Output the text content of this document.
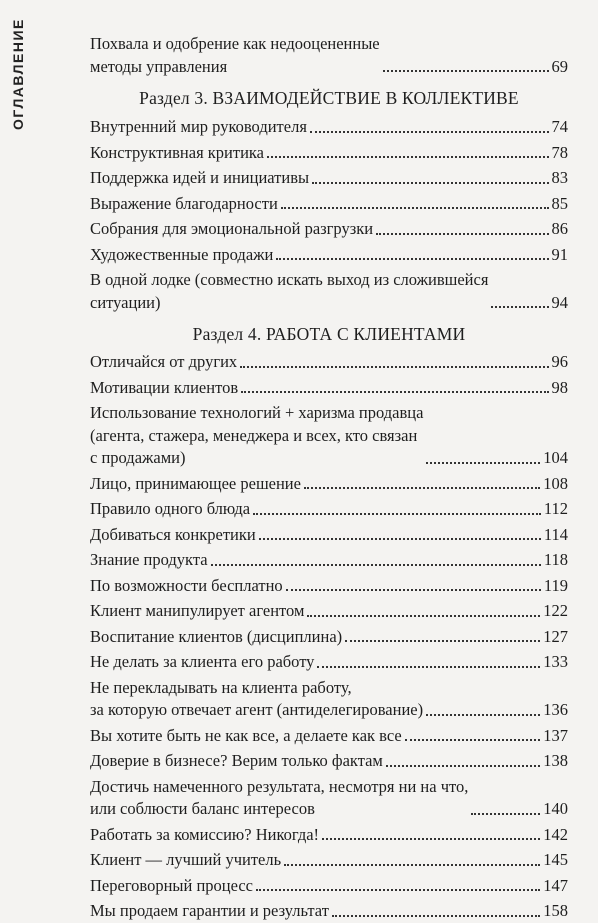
ОГЛАВЛЕНИЕ	Похвала и одобрение как недооцененные
методы управления	69
Раздел 3. ВЗАИМОДЕЙСТВИЕ В КОЛЛЕКТИВЕ
Внутренний мир руководителя	74
Конструктивная критика	78
Поддержка идей и инициативы	83
Выражение благодарности	85
Собрания для эмоциональной разгрузки	86
Художественные продажи	91
В одной лодке (совместно искать выход из сложившейся
ситуации)	94
Раздел 4. РАБОТА С КЛИЕНТАМИ
Отличайся от других	96
Мотивации клиентов	98
Использование технологий + харизма продавца
(агента, стажера, менеджера и всех, кто связан
с продажами)	104
Лицо, принимающее решение	108
Правило одного блюда	112
Добиваться конкретики	114
Знание продукта	118
По возможности бесплатно	119
Клиент манипулирует агентом	122
Воспитание клиентов (дисциплина)	127
Не делать за клиента его работу	133
Не перекладывать на клиента работу,
за которую отвечает агент (антиделегирование)	136
Вы хотите быть не как все, а делаете как все	137
Доверие в бизнесе? Верим только фактам	138
Достичь намеченного результата, несмотря ни на что,
или соблюсти баланс интересов	140
Работать за комиссию? Никогда!	142
Клиент — лучший учитель	145
Переговорный процесс	147
Мы продаем гарантии и результат	158
